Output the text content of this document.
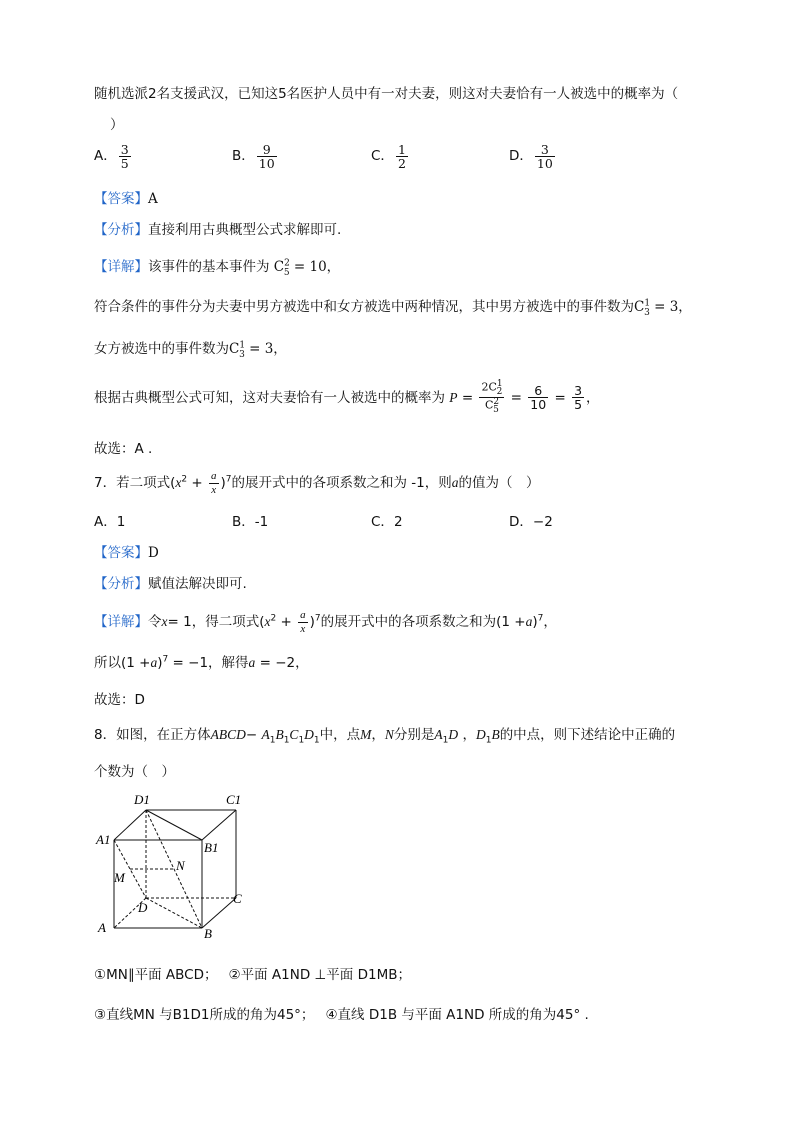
随机选派2名支援武汉，已知这5名医护人员中有一对夫妻，则这对夫妻恰有一人被选中的概率为（
）
A． $\frac{3}{5}$	B． $\frac{9}{10}$	C． $\frac{1}{2}$	D． $\frac{3}{10}$
【答案】A
【分析】直接利用古典概型公式求解即可.
【详解】该事件的基本事件为 $C^2_5 = 10$，
符合条件的事件分为夫妻中男方被选中和女方被选中两种情况，其中男方被选中的事件数为$C^1_3 = 3$，
女方被选中的事件数为$C^1_3 = 3$，
根据古典概型公式可知，这对夫妻恰有一人被选中的概率为 $P = \frac{2C^1_2}{C^2_5} = \frac{6}{10} = \frac{3}{5}$ ，
故选：A .
7．若二项式$(x^2 + \frac{a}{x} )^7$的展开式中的各项系数之和为 -1，则a的值为（　）
A．1	B．-1	C．2	D．−2
【答案】D
【分析】赋值法解决即可.
【详解】令x= 1，得二项式$(x^2 + \frac{a}{x} )^7$的展开式中的各项系数之和为$(1 +a)^7$，
所以$(1 +a)^7 = -1$，解得a = −2，
故选：D
8．如图，在正方体ABCD− $A_1B_1C_1D_1$中，点M，N分别是$A_1D$ ，$D_1B$的中点，则下述结论中正确的
个数为（　）
D1	C1
A1
B1
N
M
D
C
A	B
①MN∥平面 ABCD；　 ②平面 A1ND ⊥平面 D1MB；
③直线MN 与B1D1所成的角为45°；　 ④直线 D1B 与平面 A1ND 所成的角为45° .
